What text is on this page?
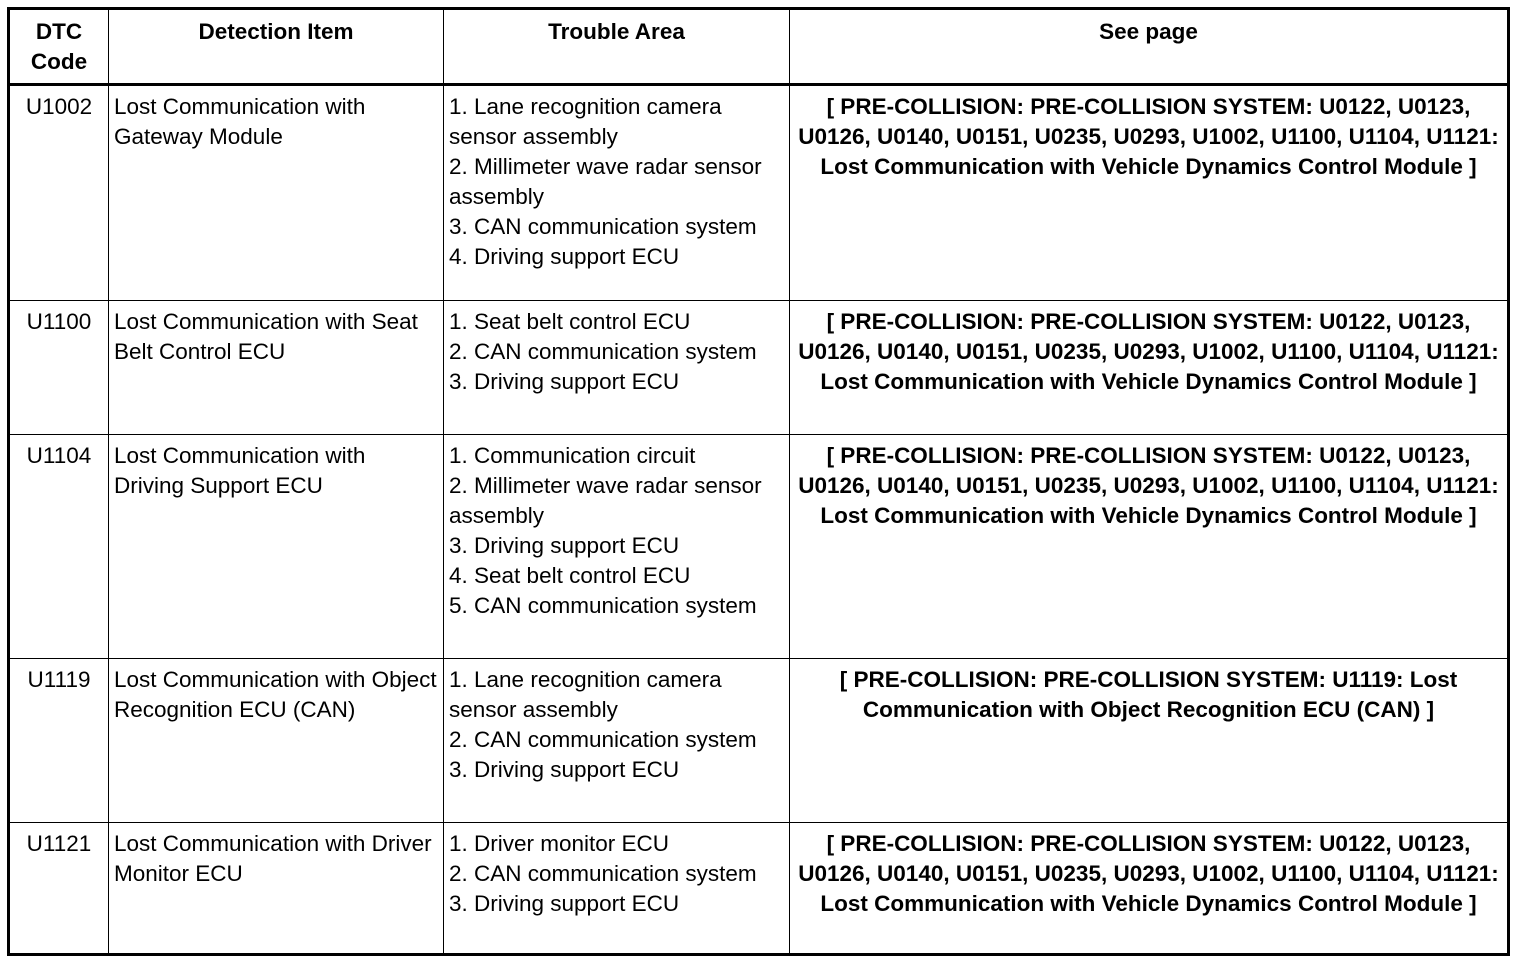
DTC Code	Detection Item	Trouble Area	See page
U1002	Lost Communication with Gateway Module	1. Lane recognition camera sensor assembly
2. Millimeter wave radar sensor assembly
3. CAN communication system
4. Driving support ECU	[ PRE-COLLISION: PRE-COLLISION SYSTEM: U0122, U0123, U0126, U0140, U0151, U0235, U0293, U1002, U1100, U1104, U1121: Lost Communication with Vehicle Dynamics Control Module ]
U1100	Lost Communication with Seat Belt Control ECU	1. Seat belt control ECU
2. CAN communication system
3. Driving support ECU	[ PRE-COLLISION: PRE-COLLISION SYSTEM: U0122, U0123, U0126, U0140, U0151, U0235, U0293, U1002, U1100, U1104, U1121: Lost Communication with Vehicle Dynamics Control Module ]
U1104	Lost Communication with Driving Support ECU	1. Communication circuit
2. Millimeter wave radar sensor assembly
3. Driving support ECU
4. Seat belt control ECU
5. CAN communication system	[ PRE-COLLISION: PRE-COLLISION SYSTEM: U0122, U0123, U0126, U0140, U0151, U0235, U0293, U1002, U1100, U1104, U1121: Lost Communication with Vehicle Dynamics Control Module ]
U1119	Lost Communication with Object Recognition ECU (CAN)	1. Lane recognition camera sensor assembly
2. CAN communication system
3. Driving support ECU	[ PRE-COLLISION: PRE-COLLISION SYSTEM: U1119: Lost Communication with Object Recognition ECU (CAN) ]
U1121	Lost Communication with Driver Monitor ECU	1. Driver monitor ECU
2. CAN communication system
3. Driving support ECU	[ PRE-COLLISION: PRE-COLLISION SYSTEM: U0122, U0123, U0126, U0140, U0151, U0235, U0293, U1002, U1100, U1104, U1121: Lost Communication with Vehicle Dynamics Control Module ]
